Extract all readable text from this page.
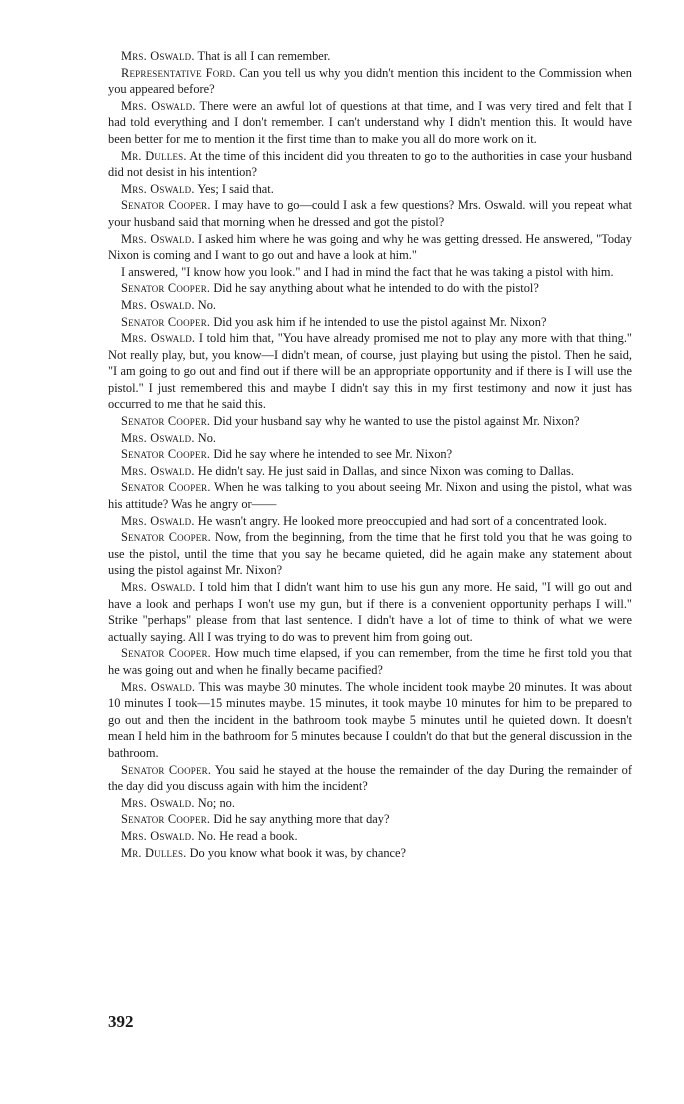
Mrs. Oswald. That is all I can remember.

Representative Ford. Can you tell us why you didn't mention this incident to the Commission when you appeared before?

Mrs. Oswald. There were an awful lot of questions at that time, and I was very tired and felt that I had told everything and I don't remember. I can't understand why I didn't mention this. It would have been better for me to mention it the first time than to make you all do more work on it.

Mr. Dulles. At the time of this incident did you threaten to go to the authorities in case your husband did not desist in his intention?

Mrs. Oswald. Yes; I said that.

Senator Cooper. I may have to go—could I ask a few questions? Mrs. Oswald. will you repeat what your husband said that morning when he dressed and got the pistol?

Mrs. Oswald. I asked him where he was going and why he was getting dressed. He answered, "Today Nixon is coming and I want to go out and have a look at him."

I answered, "I know how you look." and I had in mind the fact that he was taking a pistol with him.

Senator Cooper. Did he say anything about what he intended to do with the pistol?

Mrs. Oswald. No.

Senator Cooper. Did you ask him if he intended to use the pistol against Mr. Nixon?

Mrs. Oswald. I told him that, "You have already promised me not to play any more with that thing." Not really play, but, you know—I didn't mean, of course, just playing but using the pistol. Then he said, "I am going to go out and find out if there will be an appropriate opportunity and if there is I will use the pistol." I just remembered this and maybe I didn't say this in my first testimony and now it just has occurred to me that he said this.

Senator Cooper. Did your husband say why he wanted to use the pistol against Mr. Nixon?

Mrs. Oswald. No.

Senator Cooper. Did he say where he intended to see Mr. Nixon?

Mrs. Oswald. He didn't say. He just said in Dallas, and since Nixon was coming to Dallas.

Senator Cooper. When he was talking to you about seeing Mr. Nixon and using the pistol, what was his attitude? Was he angry or——

Mrs. Oswald. He wasn't angry. He looked more preoccupied and had sort of a concentrated look.

Senator Cooper. Now, from the beginning, from the time that he first told you that he was going to use the pistol, until the time that you say he became quieted, did he again make any statement about using the pistol against Mr. Nixon?

Mrs. Oswald. I told him that I didn't want him to use his gun any more. He said, "I will go out and have a look and perhaps I won't use my gun, but if there is a convenient opportunity perhaps I will." Strike "perhaps" please from that last sentence. I didn't have a lot of time to think of what we were actually saying. All I was trying to do was to prevent him from going out.

Senator Cooper. How much time elapsed, if you can remember, from the time he first told you that he was going out and when he finally became pacified?

Mrs. Oswald. This was maybe 30 minutes. The whole incident took maybe 20 minutes. It was about 10 minutes I took—15 minutes maybe. 15 minutes, it took maybe 10 minutes for him to be prepared to go out and then the incident in the bathroom took maybe 5 minutes until he quieted down. It doesn't mean I held him in the bathroom for 5 minutes because I couldn't do that but the general discussion in the bathroom.

Senator Cooper. You said he stayed at the house the remainder of the day During the remainder of the day did you discuss again with him the incident?

Mrs. Oswald. No; no.

Senator Cooper. Did he say anything more that day?

Mrs. Oswald. No. He read a book.

Mr. Dulles. Do you know what book it was, by chance?

392
